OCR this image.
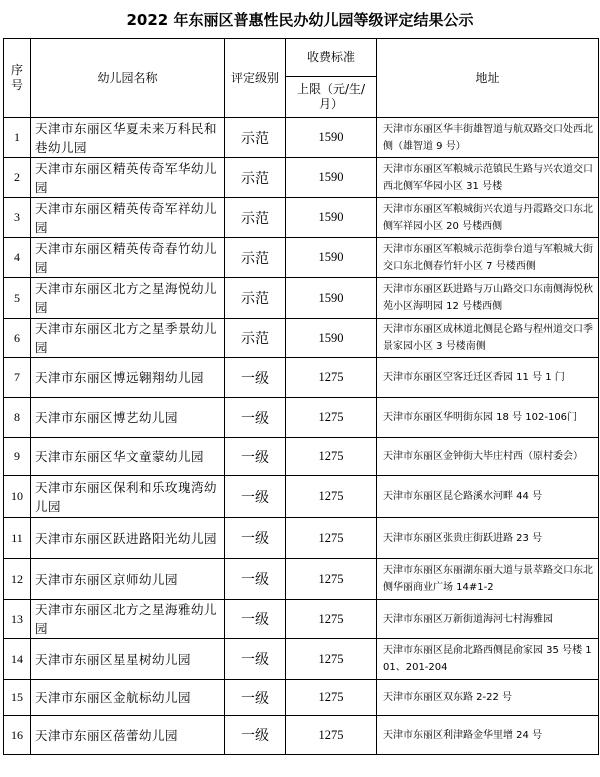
2022 年东丽区普惠性民办幼儿园等级评定结果公示
序号	幼儿园名称	评定级别	收费标准	地址
			上限（元/生/月）	
1	天津市东丽区华夏未来万科民和巷幼儿园	示范	1590	天津市东丽区华丰街雄智道与航双路交口处西北侧（雄智道 9 号）
2	天津市东丽区精英传奇军华幼儿园	示范	1590	天津市东丽区军粮城示范镇民生路与兴农道交口西北侧军华园小区 31 号楼
3	天津市东丽区精英传奇军祥幼儿园	示范	1590	天津市东丽区军粮城街兴农道与丹霞路交口东北侧军祥园小区 20 号楼西侧
4	天津市东丽区精英传奇春竹幼儿园	示范	1590	天津市东丽区军粮城示范街拳台道与军粮城大街交口东北侧春竹轩小区 7 号楼西侧
5	天津市东丽区北方之星海悦幼儿园	示范	1590	天津市东丽区跃进路与万山路交口东南侧海悦秋苑小区海明园 12 号楼西侧
6	天津市东丽区北方之星季景幼儿园	示范	1590	天津市东丽区成林道北侧昆仑路与程州道交口季景家园小区 3 号楼南侧
7	天津市东丽区博远翱翔幼儿园	一级	1275	天津市东丽区空客迁迁区香园 11 号 1 门
8	天津市东丽区博艺幼儿园	一级	1275	天津市东丽区华明街东园 18 号 102-106门
9	天津市东丽区华文童蒙幼儿园	一级	1275	天津市东丽区金钟街大毕庄村西（原村委会）
10	天津市东丽区保利和乐玫瑰湾幼儿园	一级	1275	天津市东丽区昆仑路溪水河畔 44 号
11	天津市东丽区跃进路阳光幼儿园	一级	1275	天津市东丽区张贵庄街跃进路 23 号
12	天津市东丽区京师幼儿园	一级	1275	天津市东丽区东丽湖东丽大道与景萃路交口东北侧华丽商业广场 14#1-2
13	天津市东丽区北方之星海雅幼儿园	一级	1275	天津市东丽区万新街道海河七村海雅园
14	天津市东丽区星星树幼儿园	一级	1275	天津市东丽区昆俞北路西侧昆俞家园 35 号楼 101、201-204
15	天津市东丽区金航标幼儿园	一级	1275	天津市东丽区双东路 2-22 号
16	天津市东丽区蓓蕾幼儿园	一级	1275	天津市东丽区利津路金华里增 24 号
